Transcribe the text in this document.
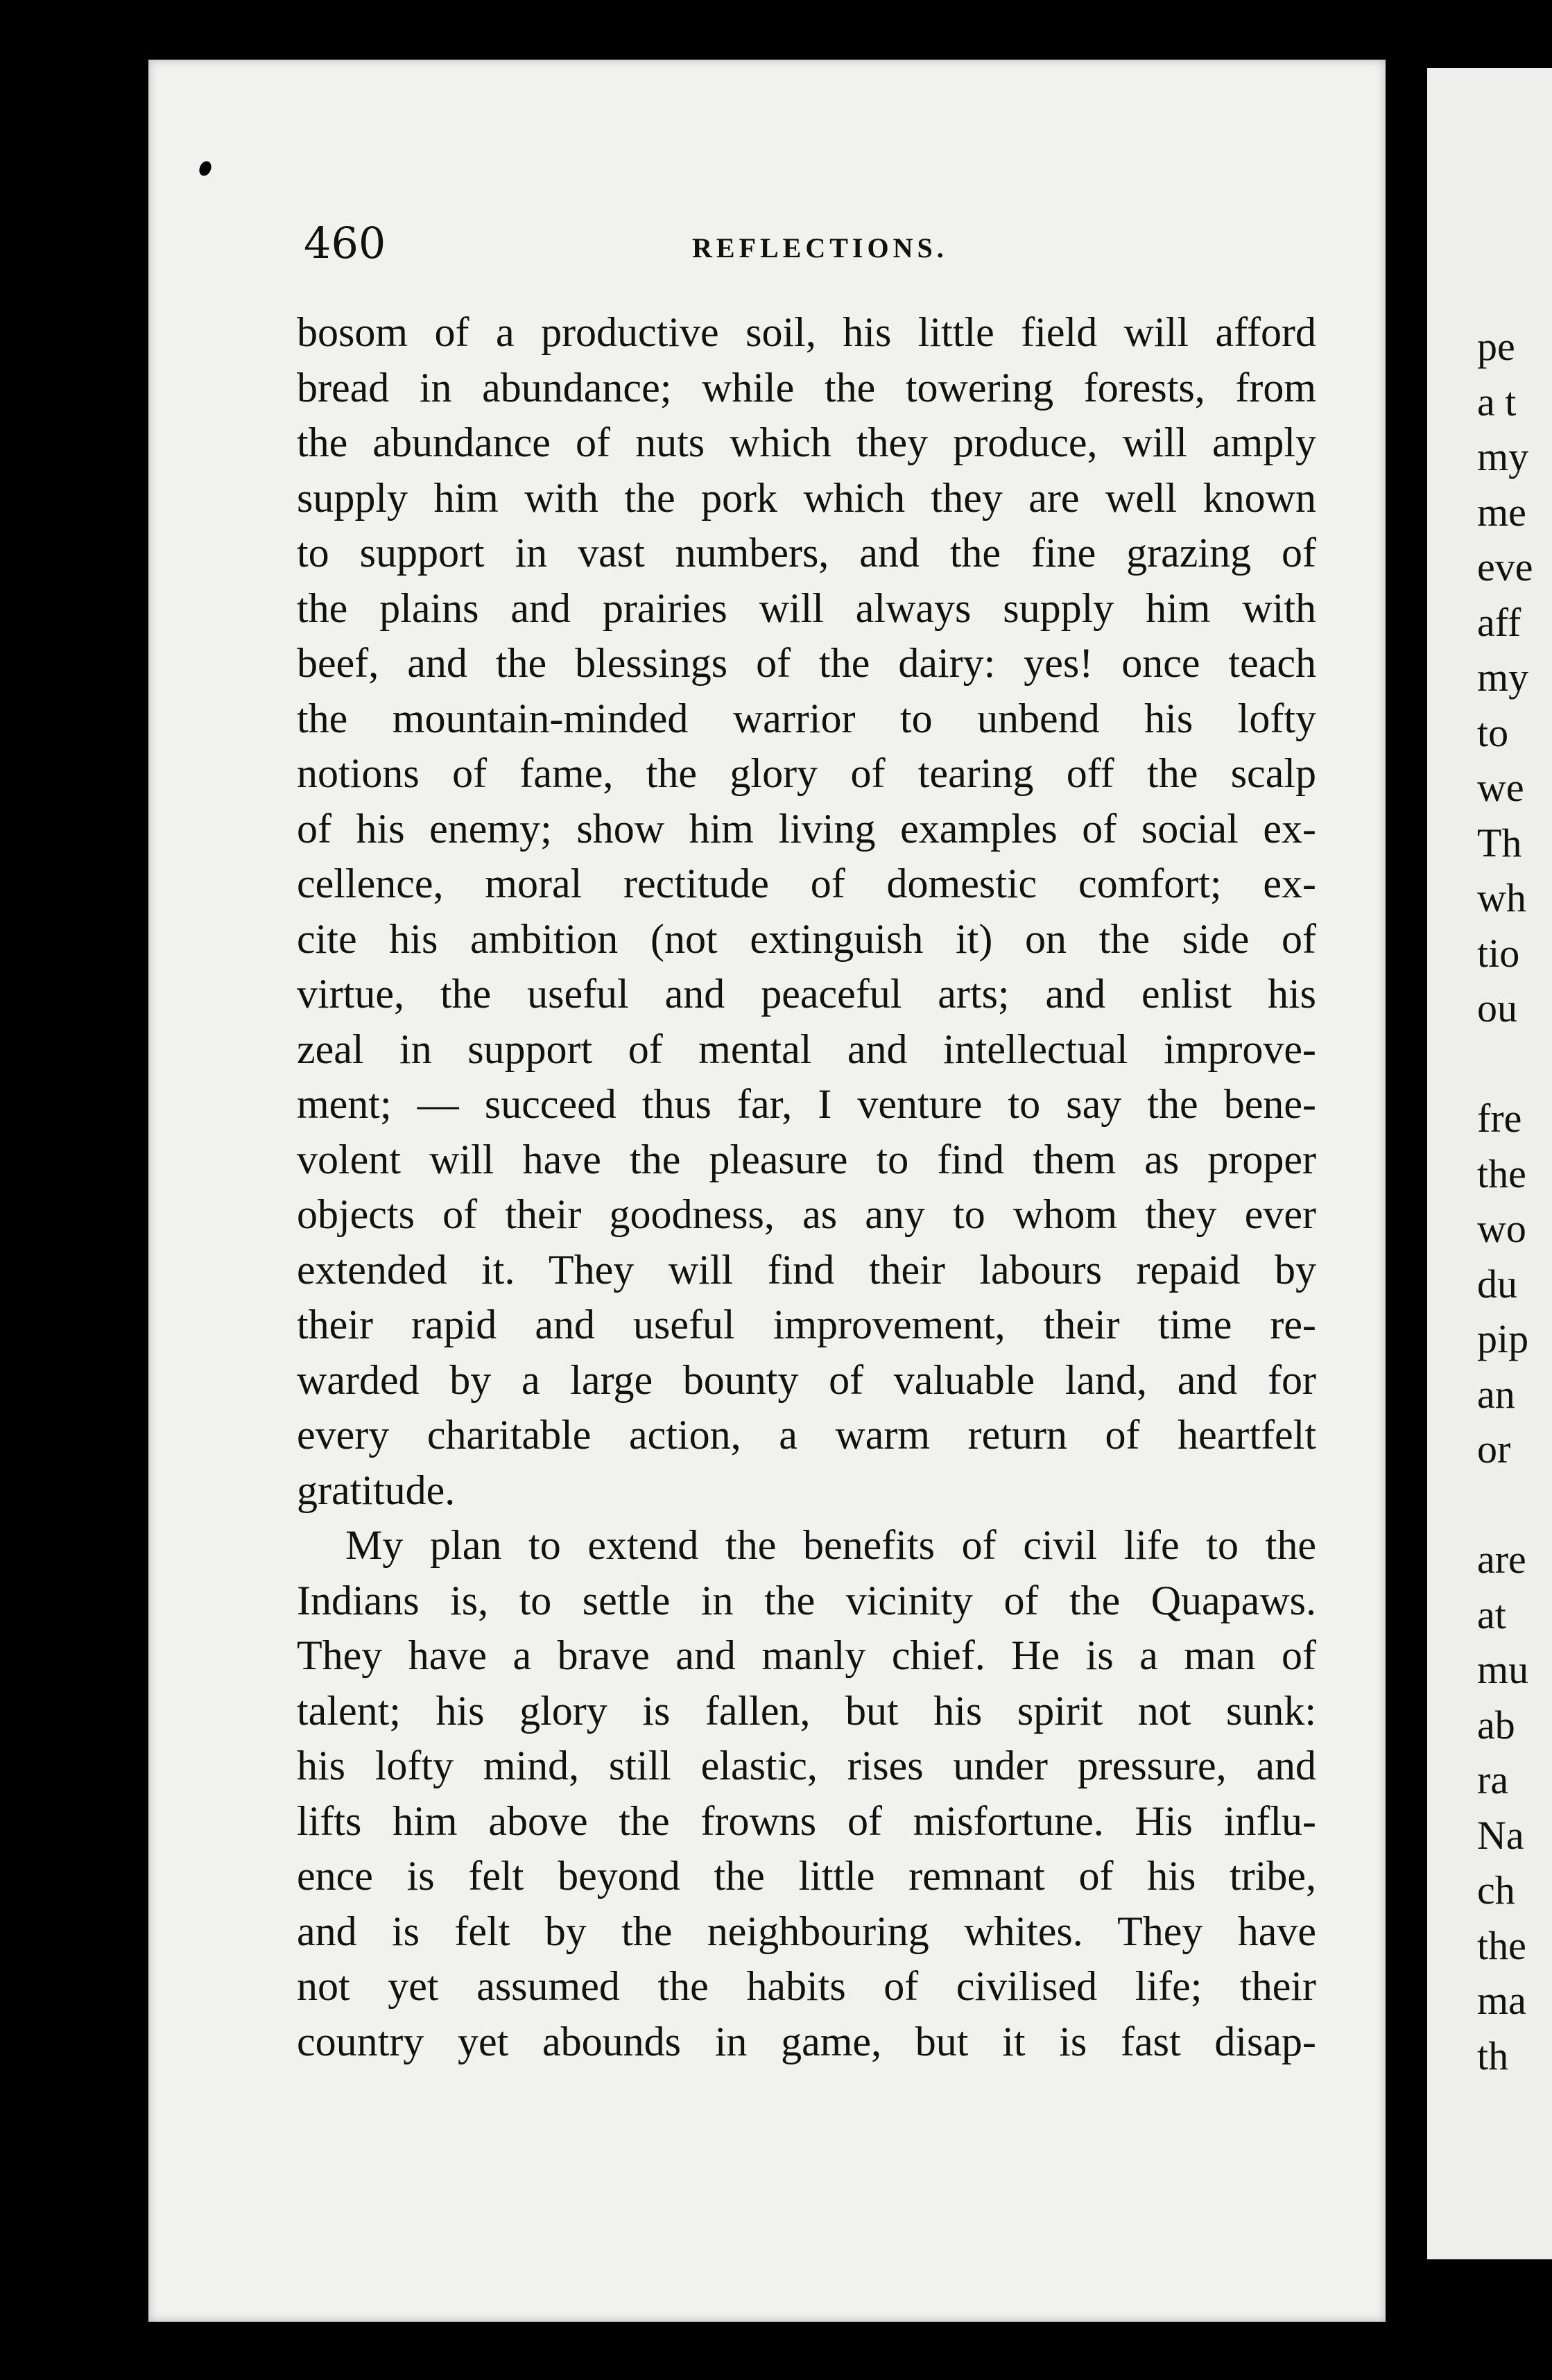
460	REFLECTIONS.

bosom of a productive soil, his little field will afford
bread in abundance; while the towering forests, from
the abundance of nuts which they produce, will amply
supply him with the pork which they are well known
to support in vast numbers, and the fine grazing of
the plains and prairies will always supply him with
beef, and the blessings of the dairy: yes! once teach
the mountain-minded warrior to unbend his lofty
notions of fame, the glory of tearing off the scalp
of his enemy; show him living examples of social ex-
cellence, moral rectitude of domestic comfort; ex-
cite his ambition (not extinguish it) on the side of
virtue, the useful and peaceful arts; and enlist his
zeal in support of mental and intellectual improve-
ment; — succeed thus far, I venture to say the bene-
volent will have the pleasure to find them as proper
objects of their goodness, as any to whom they ever
extended it. They will find their labours repaid by
their rapid and useful improvement, their time re-
warded by a large bounty of valuable land, and for
every charitable action, a warm return of heartfelt
gratitude.

My plan to extend the benefits of civil life to the
Indians is, to settle in the vicinity of the Quapaws.
They have a brave and manly chief. He is a man of
talent; his glory is fallen, but his spirit not sunk:
his lofty mind, still elastic, rises under pressure, and
lifts him above the frowns of misfortune. His influ-
ence is felt beyond the little remnant of his tribe,
and is felt by the neighbouring whites. They have
not yet assumed the habits of civilised life; their
country yet abounds in game, but it is fast disap-

pe
a t
my
me
eve
aff
my
to
we
Th
wh
tio
ou
fre
the
wo
du
pip
an
or
are
at
mu
ab
ra
Na
ch
the
ma
th
